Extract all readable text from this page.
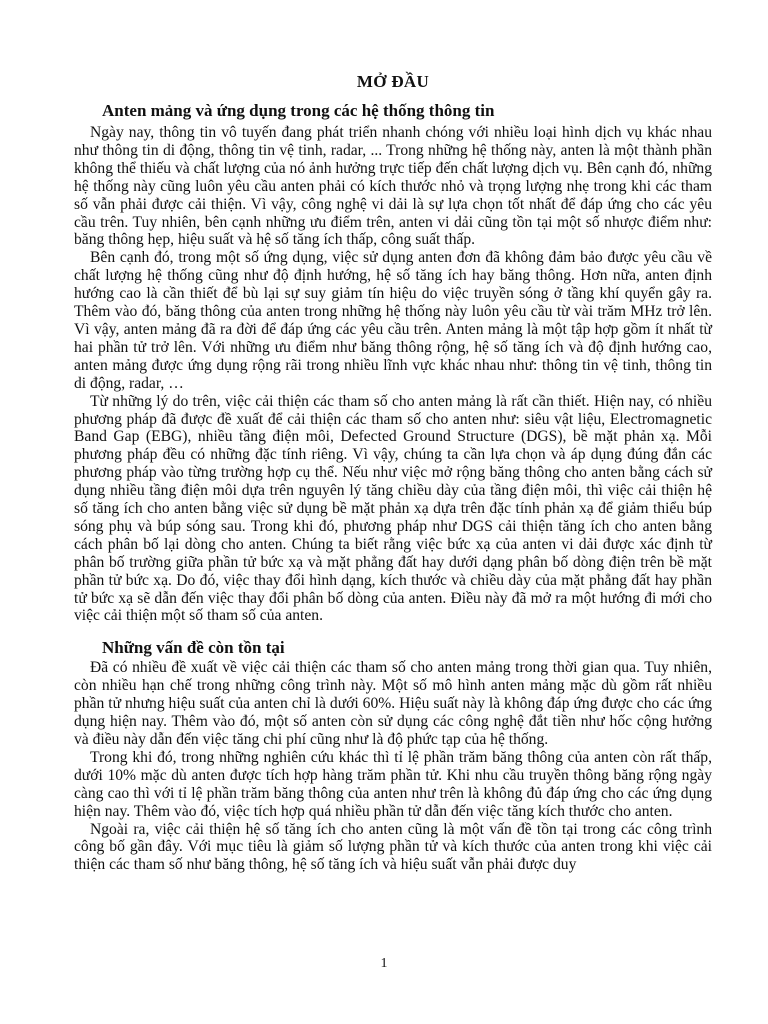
MỞ ĐẦU
Anten mảng và ứng dụng trong các hệ thống thông tin

Ngày nay, thông tin vô tuyến đang phát triển nhanh chóng với nhiều loại hình dịch vụ khác nhau như thông tin di động, thông tin vệ tinh, radar, ... Trong những hệ thống này, anten là một thành phần không thể thiếu và chất lượng của nó ảnh hưởng trực tiếp đến chất lượng dịch vụ. Bên cạnh đó, những hệ thống này cũng luôn yêu cầu anten phải có kích thước nhỏ và trọng lượng nhẹ trong khi các tham số vẫn phải được cải thiện. Vì vậy, công nghệ vi dải là sự lựa chọn tốt nhất để đáp ứng cho các yêu cầu trên. Tuy nhiên, bên cạnh những ưu điểm trên, anten vi dải cũng tồn tại một số nhược điểm như: băng thông hẹp, hiệu suất và hệ số tăng ích thấp, công suất thấp.

Bên cạnh đó, trong một số ứng dụng, việc sử dụng anten đơn đã không đảm bảo được yêu cầu về chất lượng hệ thống cũng như độ định hướng, hệ số tăng ích hay băng thông. Hơn nữa, anten định hướng cao là cần thiết để bù lại sự suy giảm tín hiệu do việc truyền sóng ở tầng khí quyển gây ra. Thêm vào đó, băng thông của anten trong những hệ thống này luôn yêu cầu từ vài trăm MHz trở lên. Vì vậy, anten mảng đã ra đời để đáp ứng các yêu cầu trên. Anten mảng là một tập hợp gồm ít nhất từ hai phần tử trở lên. Với những ưu điểm như băng thông rộng, hệ số tăng ích và độ định hướng cao, anten mảng được ứng dụng rộng rãi trong nhiều lĩnh vực khác nhau như: thông tin vệ tinh, thông tin di động, radar, …

Từ những lý do trên, việc cải thiện các tham số cho anten mảng là rất cần thiết. Hiện nay, có nhiều phương pháp đã được đề xuất để cải thiện các tham số cho anten như: siêu vật liệu, Electromagnetic Band Gap (EBG), nhiều tầng điện môi, Defected Ground Structure (DGS), bề mặt phản xạ. Mỗi phương pháp đều có những đặc tính riêng. Vì vậy, chúng ta cần lựa chọn và áp dụng đúng đắn các phương pháp vào từng trường hợp cụ thể. Nếu như việc mở rộng băng thông cho anten bằng cách sử dụng nhiều tầng điện môi dựa trên nguyên lý tăng chiều dày của tầng điện môi, thì việc cải thiện hệ số tăng ích cho anten bằng việc sử dụng bề mặt phản xạ dựa trên đặc tính phản xạ để giảm thiểu búp sóng phụ và búp sóng sau. Trong khi đó, phương pháp như DGS cải thiện tăng ích cho anten bằng cách phân bố lại dòng cho anten. Chúng ta biết rằng việc bức xạ của anten vi dải được xác định từ phân bố trường giữa phần tử bức xạ và mặt phẳng đất hay dưới dạng phân bố dòng điện trên bề mặt phần tử bức xạ. Do đó, việc thay đổi hình dạng, kích thước và chiều dày của mặt phẳng đất hay phần tử bức xạ sẽ dẫn đến việc thay đổi phân bố dòng của anten. Điều này đã mở ra một hướng đi mới cho việc cải thiện một số tham số của anten.

Những vấn đề còn tồn tại

Đã có nhiều đề xuất về việc cải thiện các tham số cho anten mảng trong thời gian qua. Tuy nhiên, còn nhiều hạn chế trong những công trình này. Một số mô hình anten mảng mặc dù gồm rất nhiều phần tử nhưng hiệu suất của anten chỉ là dưới 60%. Hiệu suất này là không đáp ứng được cho các ứng dụng hiện nay. Thêm vào đó, một số anten còn sử dụng các công nghệ đắt tiền như hốc cộng hưởng và điều này dẫn đến việc tăng chi phí cũng như là độ phức tạp của hệ thống.

Trong khi đó, trong những nghiên cứu khác thì tỉ lệ phần trăm băng thông của anten còn rất thấp, dưới 10% mặc dù anten được tích hợp hàng trăm phần tử. Khi nhu cầu truyền thông băng rộng ngày càng cao thì với tỉ lệ phần trăm băng thông của anten như trên là không đủ đáp ứng cho các ứng dụng hiện nay. Thêm vào đó, việc tích hợp quá nhiều phần tử dẫn đến việc tăng kích thước cho anten.

Ngoài ra, việc cải thiện hệ số tăng ích cho anten cũng là một vấn đề tồn tại trong các công trình công bố gần đây. Với mục tiêu là giảm số lượng phần tử và kích thước của anten trong khi việc cải thiện các tham số như băng thông, hệ số tăng ích và hiệu suất vẫn phải được duy

1
